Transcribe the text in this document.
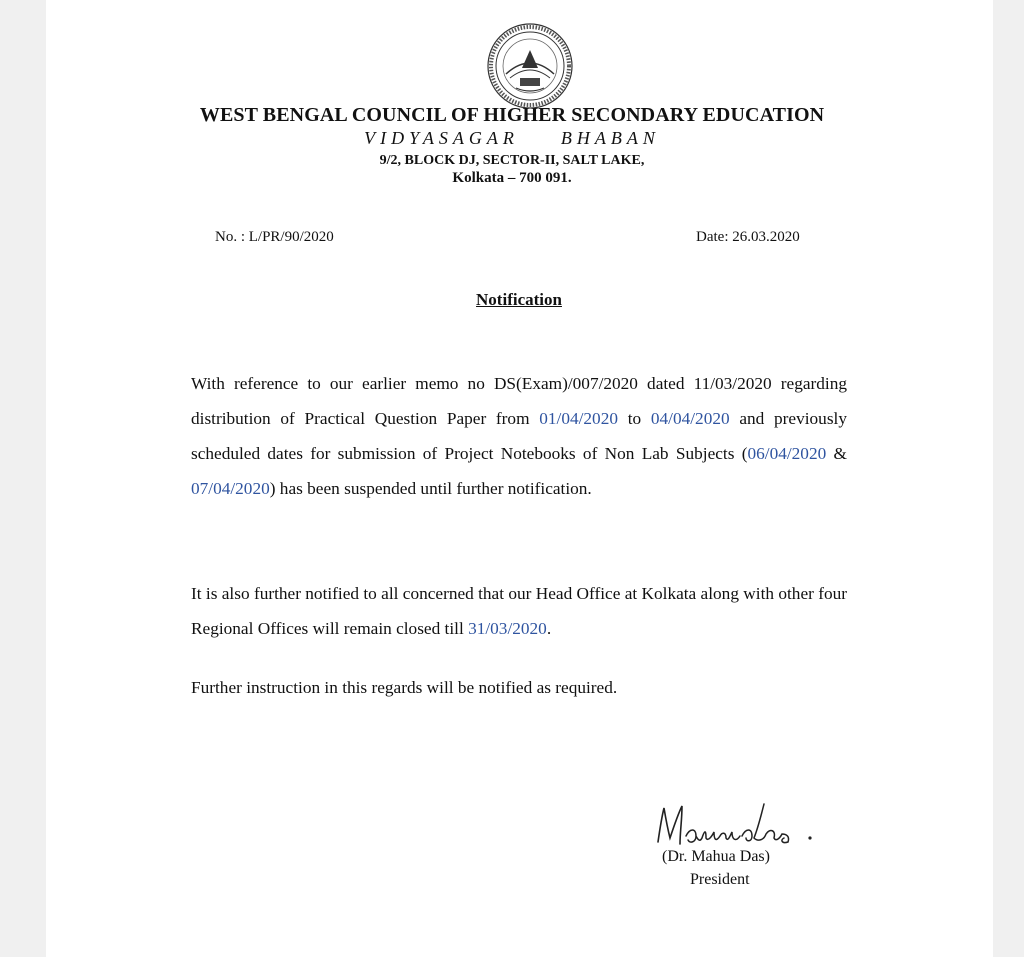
WEST BENGAL COUNCIL OF HIGHER SECONDARY EDUCATION
VIDYASAGAR BHABAN
9/2, BLOCK DJ, SECTOR-II, SALT LAKE,
Kolkata – 700 091.
No. : L/PR/90/2020	Date: 26.03.2020
Notification
With reference to our earlier memo no DS(Exam)/007/2020 dated 11/03/2020 regarding distribution of Practical Question Paper from 01/04/2020 to 04/04/2020 and previously scheduled dates for submission of Project Notebooks of Non Lab Subjects (06/04/2020 & 07/04/2020) has been suspended until further notification.
It is also further notified to all concerned that our Head Office at Kolkata along with other four Regional Offices will remain closed till 31/03/2020.
Further instruction in this regards will be notified as required.
(Dr. Mahua Das)
President
